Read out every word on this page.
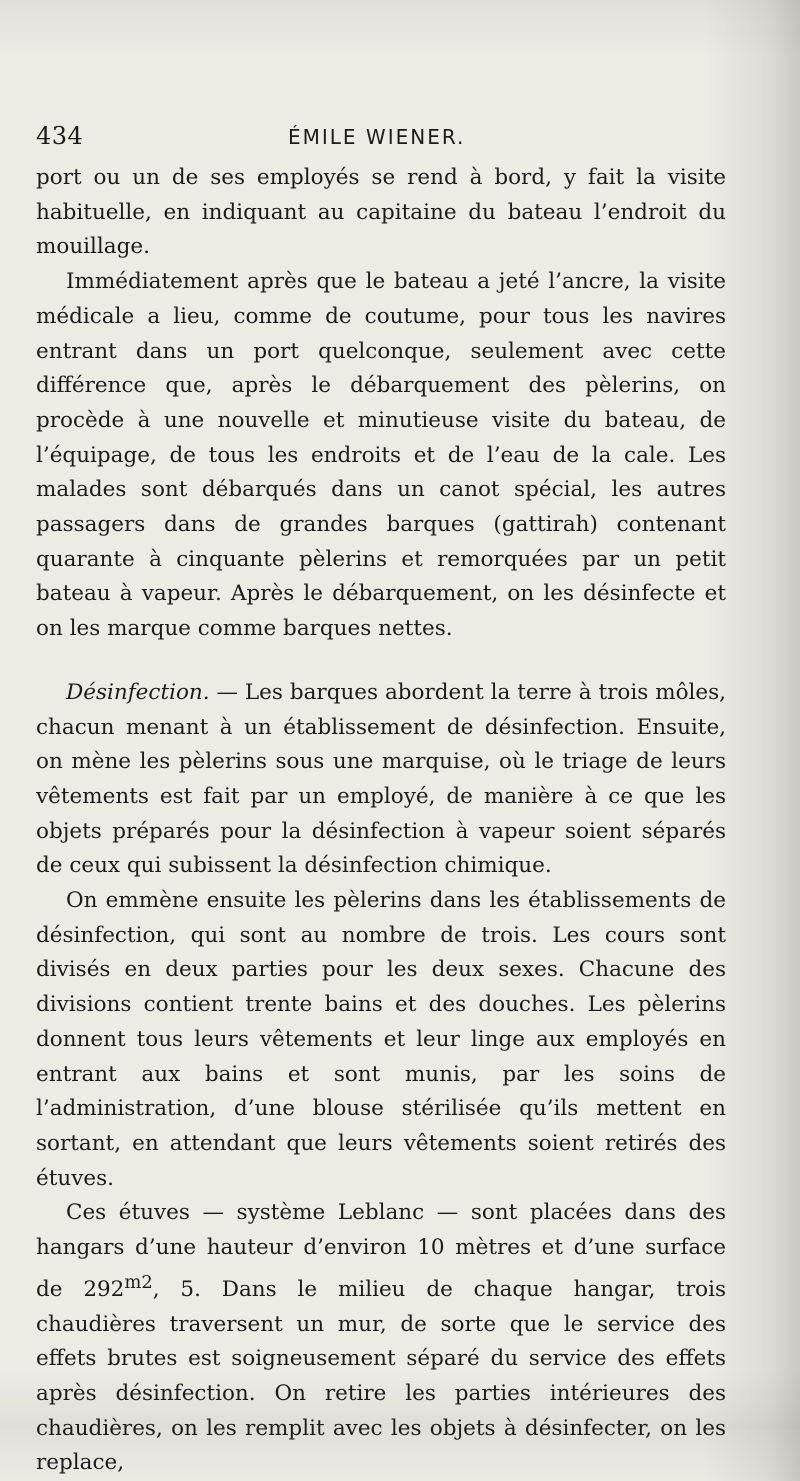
434	ÉMILE WIENER.

port ou un de ses employés se rend à bord, y fait la visite habituelle, en indiquant au capitaine du bateau l’endroit du mouillage.

Immédiatement après que le bateau a jeté l’ancre, la visite médicale a lieu, comme de coutume, pour tous les navires entrant dans un port quelconque, seulement avec cette différence que, après le débarquement des pèlerins, on procède à une nouvelle et minutieuse visite du bateau, de l’équipage, de tous les endroits et de l’eau de la cale. Les malades sont débarqués dans un canot spécial, les autres passagers dans de grandes barques (gattirah) contenant quarante à cinquante pèlerins et remorquées par un petit bateau à vapeur. Après le débarquement, on les désinfecte et on les marque comme barques nettes.

Désinfection. — Les barques abordent la terre à trois môles, chacun menant à un établissement de désinfection. Ensuite, on mène les pèlerins sous une marquise, où le triage de leurs vêtements est fait par un employé, de manière à ce que les objets préparés pour la désinfection à vapeur soient séparés de ceux qui subissent la désinfection chimique.

On emmène ensuite les pèlerins dans les établissements de désinfection, qui sont au nombre de trois. Les cours sont divisés en deux parties pour les deux sexes. Chacune des divisions contient trente bains et des douches. Les pèlerins donnent tous leurs vêtements et leur linge aux employés en entrant aux bains et sont munis, par les soins de l’administration, d’une blouse stérilisée qu’ils mettent en sortant, en attendant que leurs vêtements soient retirés des étuves.

Ces étuves — système Leblanc — sont placées dans des hangars d’une hauteur d’environ 10 mètres et d’une surface de $292^{m2}$, 5. Dans le milieu de chaque hangar, trois chaudières traversent un mur, de sorte que le service des effets brutes est soigneusement séparé du service des effets après désinfection. On retire les parties intérieures des chaudières, on les remplit avec les objets à désinfecter, on les replace,
